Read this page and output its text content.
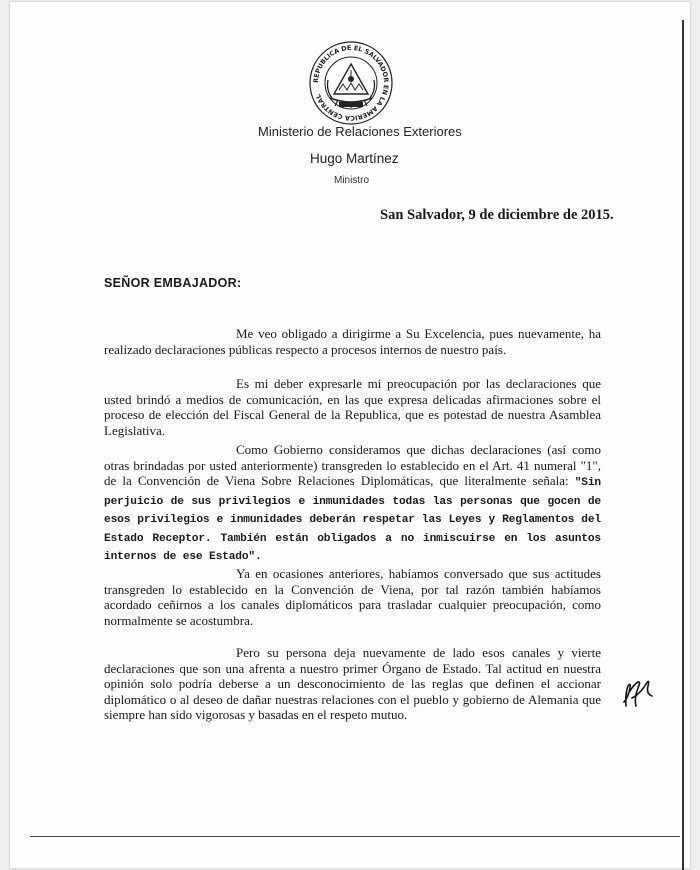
REPUBLICA DE EL SALVADOR EN LA AMERICA CENTRAL
Ministerio de Relaciones Exteriores
Hugo Martínez
Ministro
San Salvador, 9 de diciembre de 2015.
SEÑOR EMBAJADOR:

Me veo obligado a dirigirme a Su Excelencia, pues nuevamente, ha realizado declaraciones públicas respecto a procesos internos de nuestro país.

Es mi deber expresarle mi preocupación por las declaraciones que usted brindó a medios de comunicación, en las que expresa delicadas afirmaciones sobre el proceso de elección del Fiscal General de la Republica, que es potestad de nuestra Asamblea Legislativa.

Como Gobierno consideramos que dichas declaraciones (así como otras brindadas por usted anteriormente) transgreden lo establecido en el Art. 41 numeral "1", de la Convención de Viena Sobre Relaciones Diplomáticas, que literalmente señala: "Sin perjuicio de sus privilegios e inmunidades todas las personas que gocen de esos privilegios e inmunidades deberán respetar las Leyes y Reglamentos del Estado Receptor. También están obligados a no inmiscuirse en los asuntos internos de ese Estado".

Ya en ocasiones anteriores, habíamos conversado que sus actitudes transgreden lo establecido en la Convención de Viena, por tal razón también habíamos acordado ceñirnos a los canales diplomáticos para trasladar cualquier preocupación, como normalmente se acostumbra.

Pero su persona deja nuevamente de lado esos canales y vierte declaraciones que son una afrenta a nuestro primer Órgano de Estado. Tal actitud en nuestra opinión solo podría deberse a un desconocimiento de las reglas que definen el accionar diplomático o al deseo de dañar nuestras relaciones con el pueblo y gobierno de Alemania que siempre han sido vigorosas y basadas en el respeto mutuo.
